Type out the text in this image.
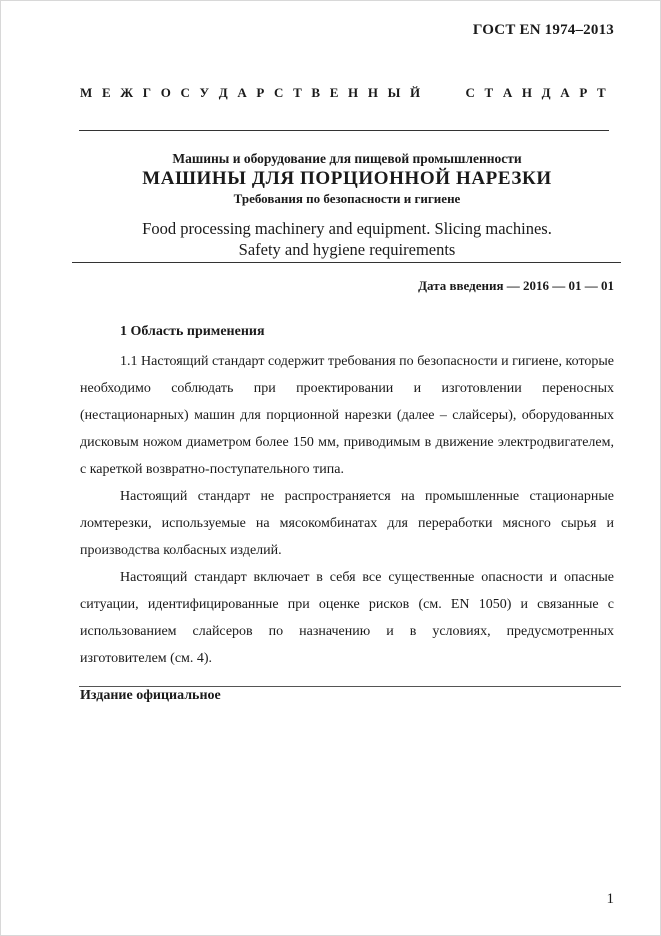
ГОСТ EN 1974–2013
М Е Ж Г О С У Д А Р С Т В Е Н Н Ы Й	С Т А Н Д А Р Т
Машины и оборудование для пищевой промышленности
МАШИНЫ ДЛЯ ПОРЦИОННОЙ НАРЕЗКИ
Требования по безопасности и гигиене
Food processing machinery and equipment. Slicing machines.
Safety and hygiene requirements
Дата введения — 2016 — 01 — 01
1 Область применения

1.1 Настоящий стандарт содержит требования по безопасности и гигиене, которые необходимо соблюдать при проектировании и изготовлении переносных (нестационарных) машин для порционной нарезки (далее – слайсеры), оборудованных дисковым ножом диаметром более 150 мм, приводимым в движение электродвигателем, с кареткой возвратно-поступательного типа.

Настоящий стандарт не распространяется на промышленные стационарные ломтерезки, используемые на мясокомбинатах для переработки мясного сырья и производства колбасных изделий.

Настоящий стандарт включает в себя все существенные опасности и опасные ситуации, идентифицированные при оценке рисков (см. EN 1050) и связанные с использованием слайсеров по назначению и в условиях, предусмотренных изготовителем (см. 4).

Издание официальное
1
